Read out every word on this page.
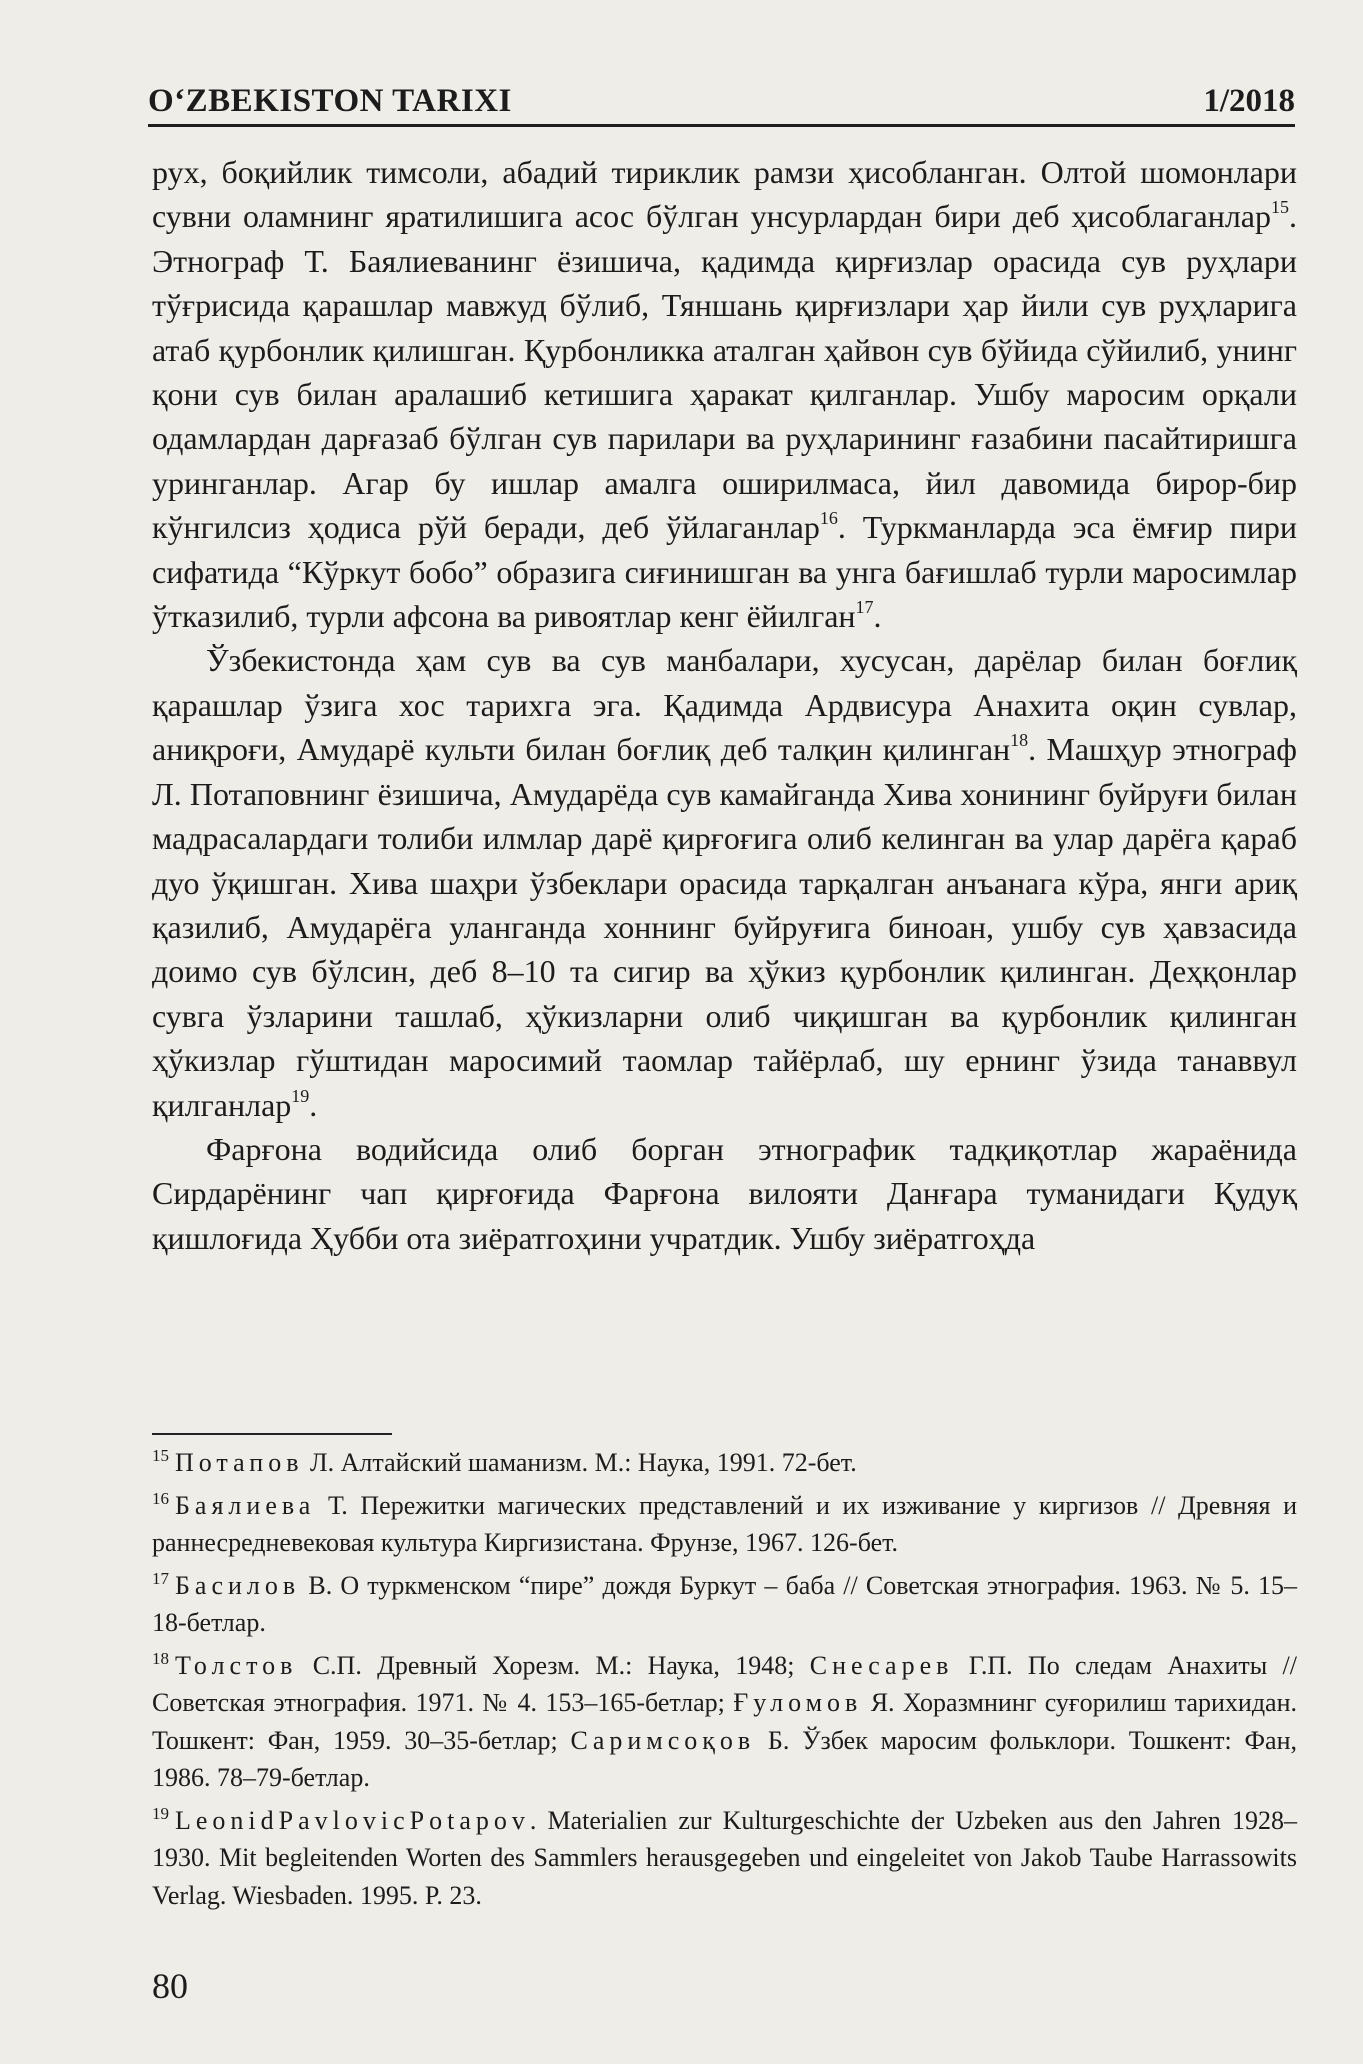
O‘ZBEKISTON TARIXI	1/2018

рух, боқийлик тимсоли, абадий тириклик рамзи ҳисобланган. Олтой шомонлари сувни оламнинг яратилишига асос бўлган унсурлардан бири деб ҳисоблаганлар$^{15}$. Этнограф Т. Баялиеванинг ёзишича, қадимда қирғизлар орасида сув руҳлари тўғрисида қарашлар мавжуд бўлиб, Тяншань қирғизлари ҳар йили сув руҳларига атаб қурбонлик қилишган. Қурбонликка аталган ҳайвон сув бўйида сўйилиб, унинг қони сув билан аралашиб кетишига ҳаракат қилганлар. Ушбу маросим орқали одамлардан дарғазаб бўлган сув парилари ва руҳларининг ғазабини пасайтиришга уринганлар. Агар бу ишлар амалга оширилмаса, йил давомида бирор-бир кўнгилсиз ҳодиса рўй беради, деб ўйлаганлар$^{16}$. Туркманларда эса ёмғир пири сифатида “Кўркут бобо” образига сиғинишган ва унга бағишлаб турли маросимлар ўтказилиб, турли афсона ва ривоятлар кенг ёйилган$^{17}$.

Ўзбекистонда ҳам сув ва сув манбалари, хусусан, дарёлар билан боғлиқ қарашлар ўзига хос тарихга эга. Қадимда Ардвисура Анахита оқин сувлар, аниқроғи, Амударё культи билан боғлиқ деб талқин қилинган$^{18}$. Машҳур этнограф Л. Потаповнинг ёзишича, Амударёда сув камайганда Хива хонининг буйруғи билан мадрасалардаги толиби илмлар дарё қирғоғига олиб келинган ва улар дарёга қараб дуо ўқишган. Хива шаҳри ўзбеклари орасида тарқалган анъанага кўра, янги ариқ қазилиб, Амударёга уланганда хоннинг буйруғига биноан, ушбу сув ҳавзасида доимо сув бўлсин, деб 8–10 та сигир ва ҳўкиз қурбонлик қилинган. Деҳқонлар сувга ўзларини ташлаб, ҳўкизларни олиб чиқишган ва қурбонлик қилинган ҳўкизлар гўштидан маросимий таомлар тайёрлаб, шу ернинг ўзида танаввул қилганлар$^{19}$.

Фарғона водийсида олиб борган этнографик тадқиқотлар жараёнида Сирдарёнинг чап қирғоғида Фарғона вилояти Данғара туманидаги Қудуқ қишлоғида Ҳубби ота зиёратгоҳини учратдик. Ушбу зиёратгоҳда

$^{15}$ Потапов Л. Алтайский шаманизм. М.: Наука, 1991. 72-бет.

$^{16}$ Баялиева Т. Пережитки магических представлений и их изживание у киргизов // Древняя и раннесредневековая культура Киргизистана. Фрунзе, 1967. 126-бет.

$^{17}$ Басилов В. О туркменском “пире” дождя Буркут – баба // Советская этнография. 1963. № 5. 15–18-бетлар.

$^{18}$ Толстов С.П. Древный Хорезм. М.: Наука, 1948; Снесарев Г.П. По следам Анахиты // Советская этнография. 1971. № 4. 153–165-бетлар; Ғуломов Я. Хоразмнинг суғорилиш тарихидан. Тошкент: Фан, 1959. 30–35-бетлар; Саримсоқов Б. Ўзбек маросим фольклори. Тошкент: Фан, 1986. 78–79-бетлар.

$^{19}$ LeonidPavlovicPotapov. Materialien zur Kulturgeschichte der Uzbeken aus den Jahren 1928–1930. Mit begleitenden Worten des Sammlers herausgegeben und eingeleitet von Jakob Taube Harrassowits Verlag. Wiesbaden. 1995. P. 23.

80
